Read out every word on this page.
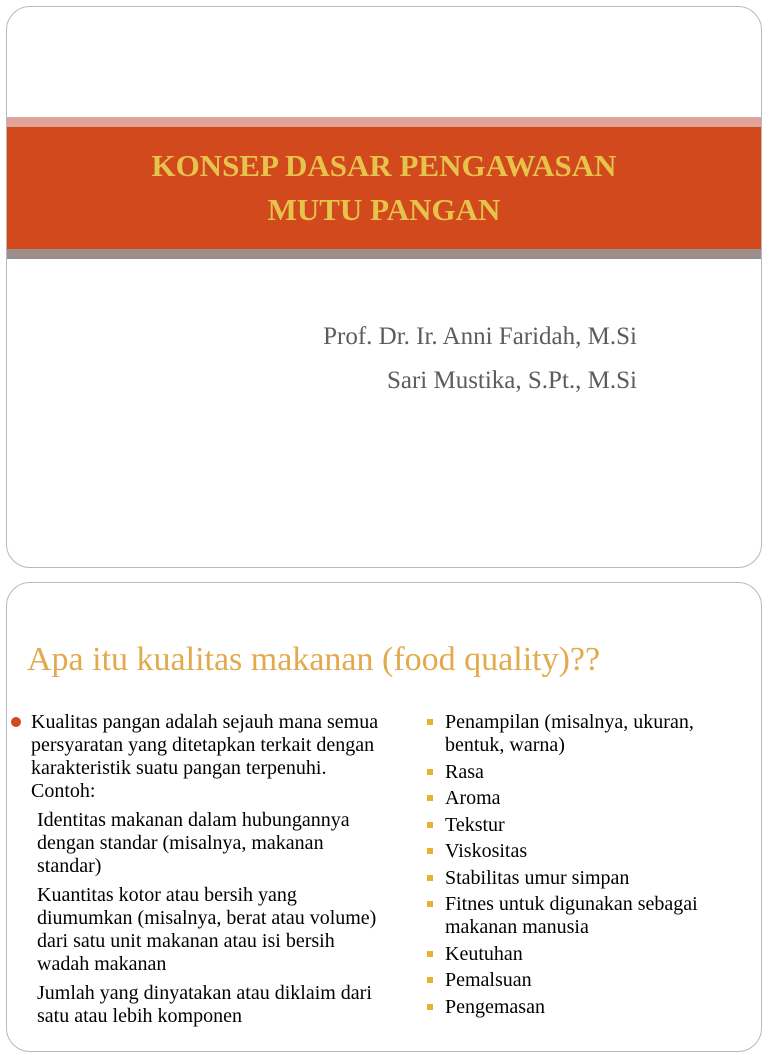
KONSEP DASAR PENGAWASAN
MUTU PANGAN
Prof. Dr. Ir. Anni Faridah, M.Si
Sari Mustika, S.Pt., M.Si
Apa itu kualitas makanan (food quality)??
Kualitas pangan adalah sejauh mana semua persyaratan yang ditetapkan terkait dengan karakteristik suatu pangan terpenuhi. Contoh:
Identitas makanan dalam hubungannya dengan standar (misalnya, makanan standar)
Kuantitas kotor atau bersih yang diumumkan (misalnya, berat atau volume) dari satu unit makanan atau isi bersih wadah makanan
Jumlah yang dinyatakan atau diklaim dari satu atau lebih komponen
Penampilan (misalnya, ukuran, bentuk, warna)
Rasa
Aroma
Tekstur
Viskositas
Stabilitas umur simpan
Fitnes untuk digunakan sebagai makanan manusia
Keutuhan
Pemalsuan
Pengemasan
